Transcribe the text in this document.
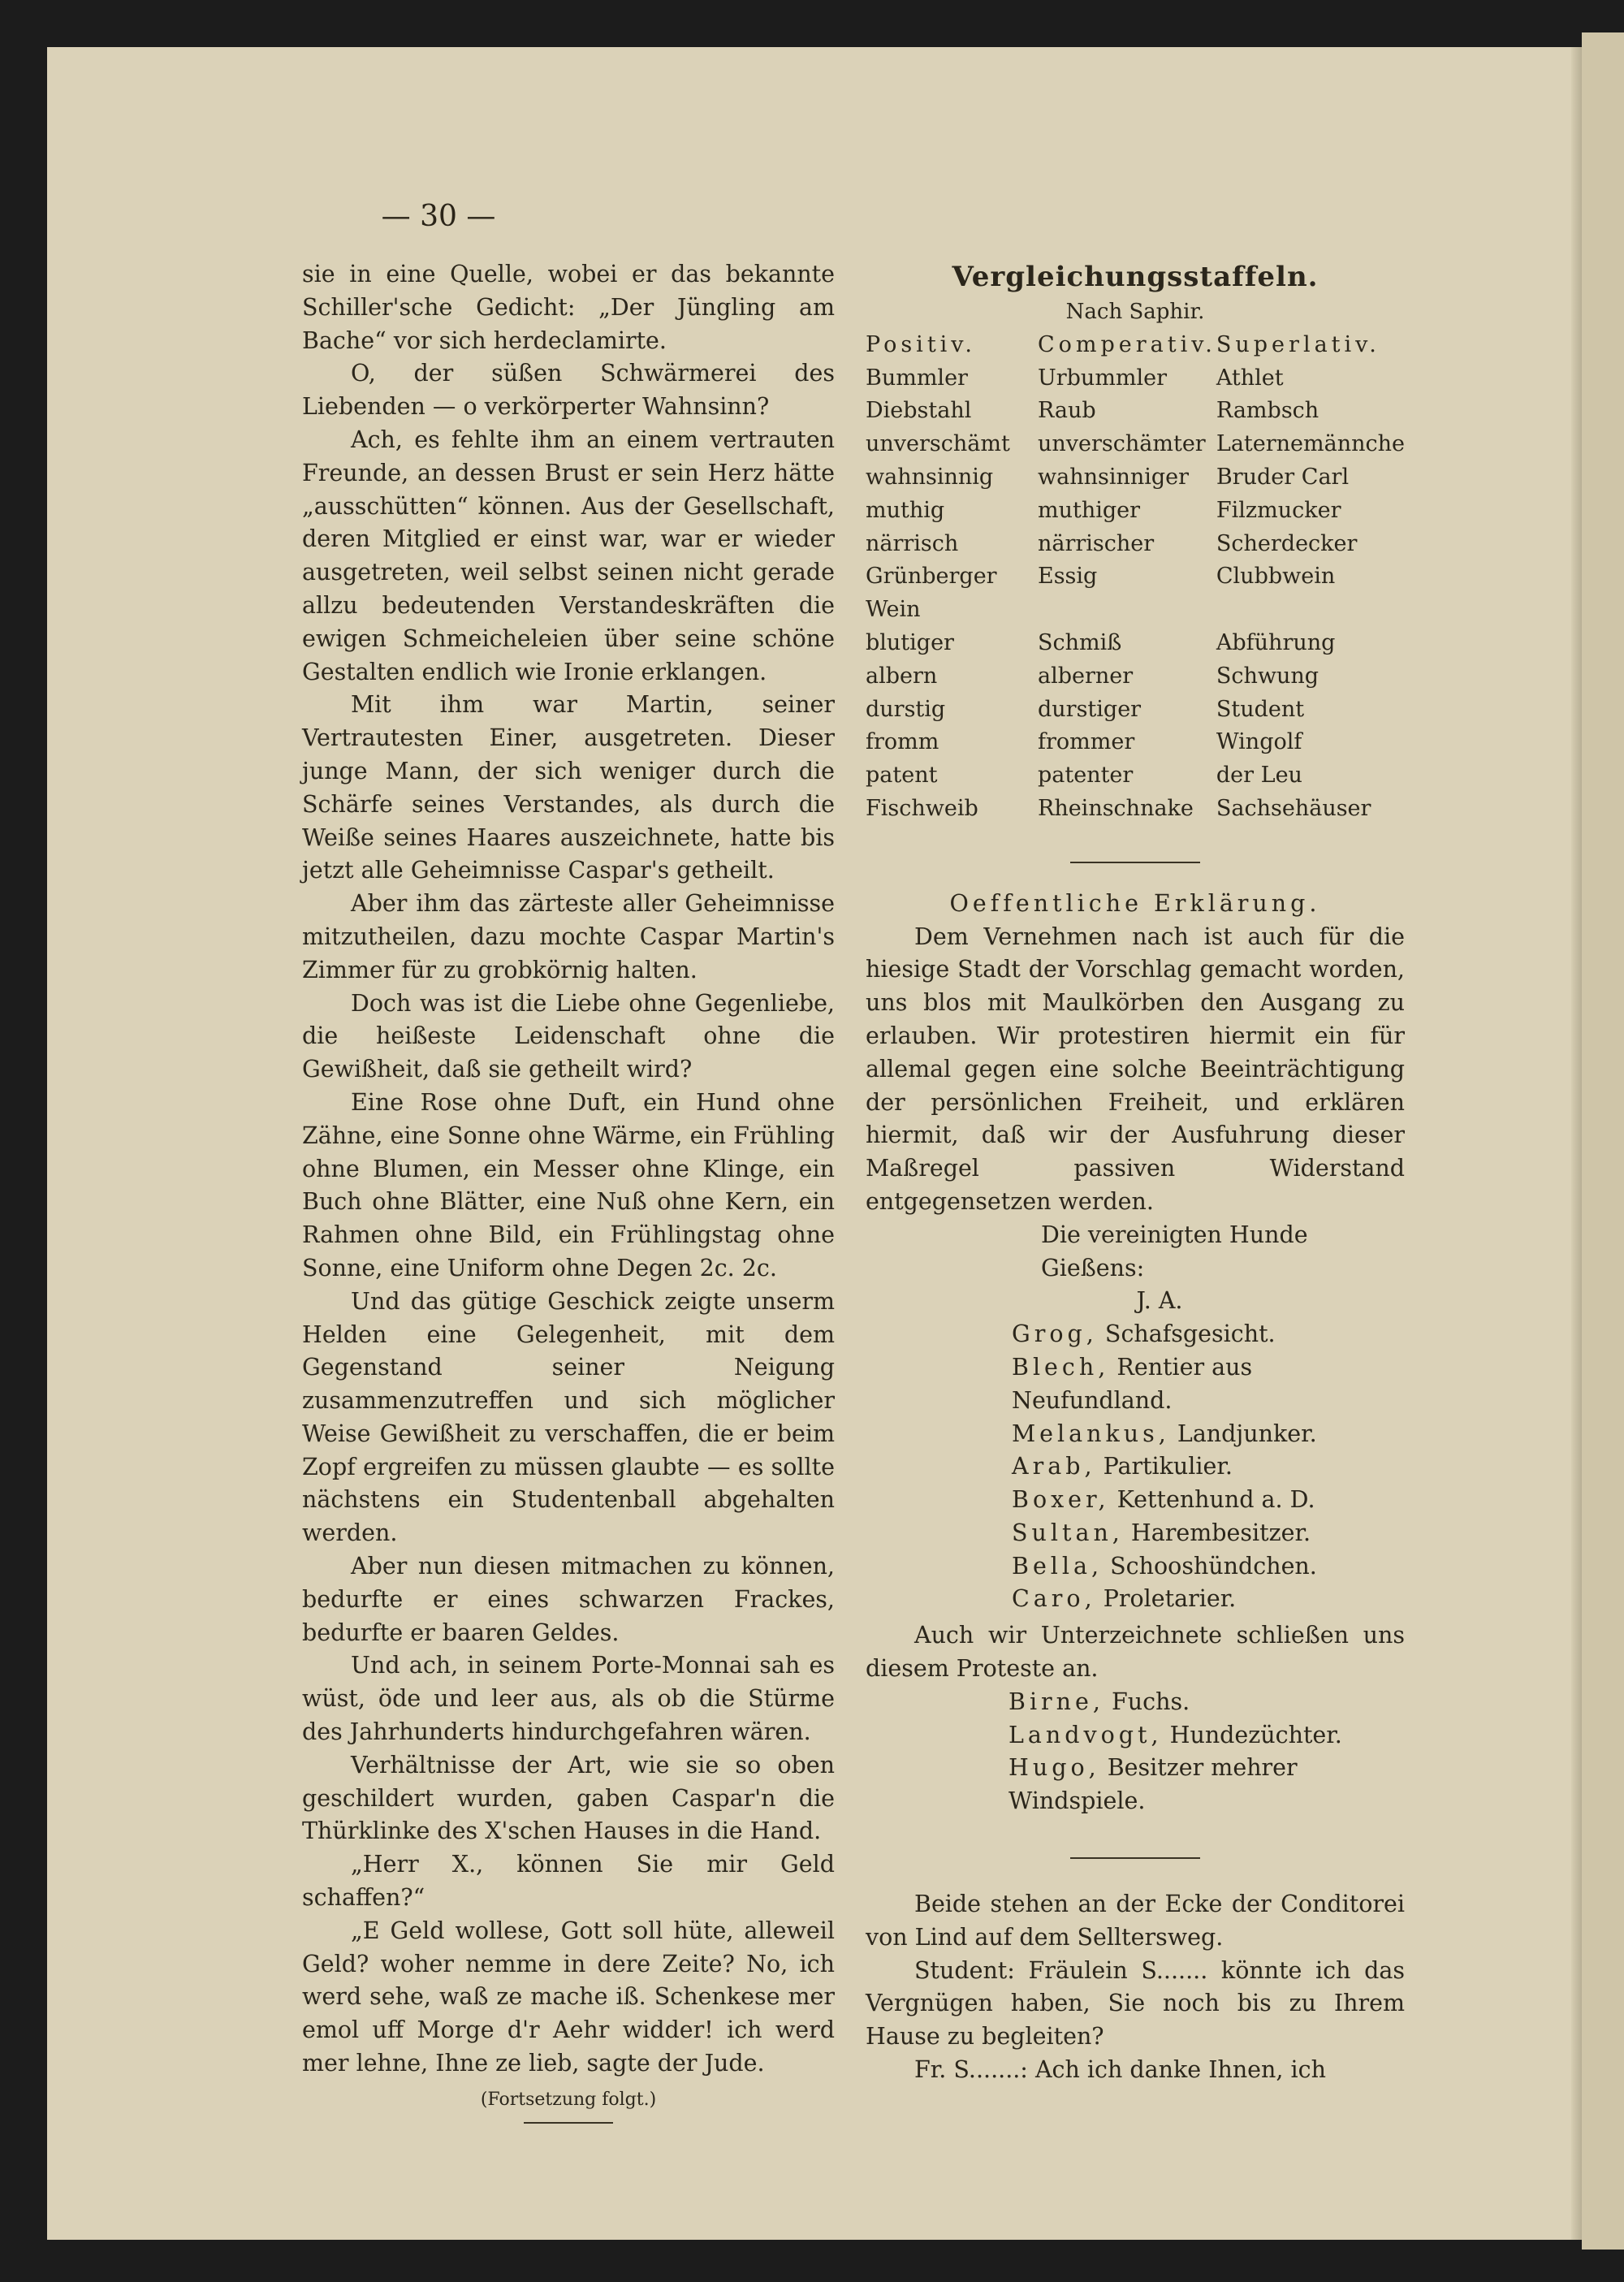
— 30 —

sie in eine Quelle, wobei er das bekannte Schiller'sche Gedicht: „Der Jüngling am Bache“ vor sich herdeclamirte.

O, der süßen Schwärmerei des Liebenden — o verkörperter Wahnsinn?

Ach, es fehlte ihm an einem vertrauten Freunde, an dessen Brust er sein Herz hätte „ausschütten“ können. Aus der Gesellschaft, deren Mitglied er einst war, war er wieder ausgetreten, weil selbst seinen nicht gerade allzu bedeutenden Verstandeskräften die ewigen Schmeicheleien über seine schöne Gestalten endlich wie Ironie erklangen.

Mit ihm war Martin, seiner Vertrautesten Einer, ausgetreten. Dieser junge Mann, der sich weniger durch die Schärfe seines Verstandes, als durch die Weiße seines Haares auszeichnete, hatte bis jetzt alle Geheimnisse Caspar's getheilt.

Aber ihm das zärteste aller Geheimnisse mitzutheilen, dazu mochte Caspar Martin's Zimmer für zu grobkörnig halten.

Doch was ist die Liebe ohne Gegenliebe, die heißeste Leidenschaft ohne die Gewißheit, daß sie getheilt wird?

Eine Rose ohne Duft, ein Hund ohne Zähne, eine Sonne ohne Wärme, ein Frühling ohne Blumen, ein Messer ohne Klinge, ein Buch ohne Blätter, eine Nuß ohne Kern, ein Rahmen ohne Bild, ein Frühlingstag ohne Sonne, eine Uniform ohne Degen 2c. 2c.

Und das gütige Geschick zeigte unserm Helden eine Gelegenheit, mit dem Gegenstand seiner Neigung zusammenzutreffen und sich möglicher Weise Gewißheit zu verschaffen, die er beim Zopf ergreifen zu müssen glaubte — es sollte nächstens ein Studentenball abgehalten werden.

Aber nun diesen mitmachen zu können, bedurfte er eines schwarzen Frackes, bedurfte er baaren Geldes.

Und ach, in seinem Porte-Monnai sah es wüst, öde und leer aus, als ob die Stürme des Jahrhunderts hindurchgefahren wären.

Verhältnisse der Art, wie sie so oben geschildert wurden, gaben Caspar'n die Thürklinke des X'schen Hauses in die Hand.

„Herr X., können Sie mir Geld schaffen?“

„E Geld wollese, Gott soll hüte, alleweil Geld? woher nemme in dere Zeite? No, ich werd sehe, waß ze mache iß. Schenkese mer emol uff Morge d'r Aehr widder! ich werd mer lehne, Ihne ze lieb, sagte der Jude.

(Fortsetzung folgt.)
Vergleichungsstaffeln.
Nach Saphir.
Positiv.	Comperativ.	Superlativ.
Bummler	Urbummler	Athlet
Diebstahl	Raub	Rambsch
unverschämt	unverschämter	Laternemännche
wahnsinnig	wahnsinniger	Bruder Carl
muthig	muthiger	Filzmucker
närrisch	närrischer	Scherdecker
Grünberger Wein	Essig	Clubbwein
blutiger	Schmiß	Abführung
albern	alberner	Schwung
durstig	durstiger	Student
fromm	frommer	Wingolf
patent	patenter	der Leu
Fischweib	Rheinschnake	Sachsehäuser
Oeffentliche Erklärung.
Dem Vernehmen nach ist auch für die hiesige Stadt der Vorschlag gemacht worden, uns blos mit Maulkörben den Ausgang zu erlauben. Wir protestiren hiermit ein für allemal gegen eine solche Beeinträchtigung der persönlichen Freiheit, und erklären hiermit, daß wir der Ausfuhrung dieser Maßregel passiven Widerstand entgegensetzen werden.
Die vereinigten Hunde Gießens:
J. A.
Grog, Schafsgesicht.
Blech, Rentier aus Neufundland.
Melankus, Landjunker.
Arab, Partikulier.
Boxer, Kettenhund a. D.
Sultan, Harembesitzer.
Bella, Schooshündchen.
Caro, Proletarier.
Auch wir Unterzeichnete schließen uns diesem Proteste an.
Birne, Fuchs.
Landvogt, Hundezüchter.
Hugo, Besitzer mehrer Windspiele.
Beide stehen an der Ecke der Conditorei von Lind auf dem Selltersweg.
Student: Fräulein S....... könnte ich das Vergnügen haben, Sie noch bis zu Ihrem Hause zu begleiten?
Fr. S.......: Ach ich danke Ihnen, ich
